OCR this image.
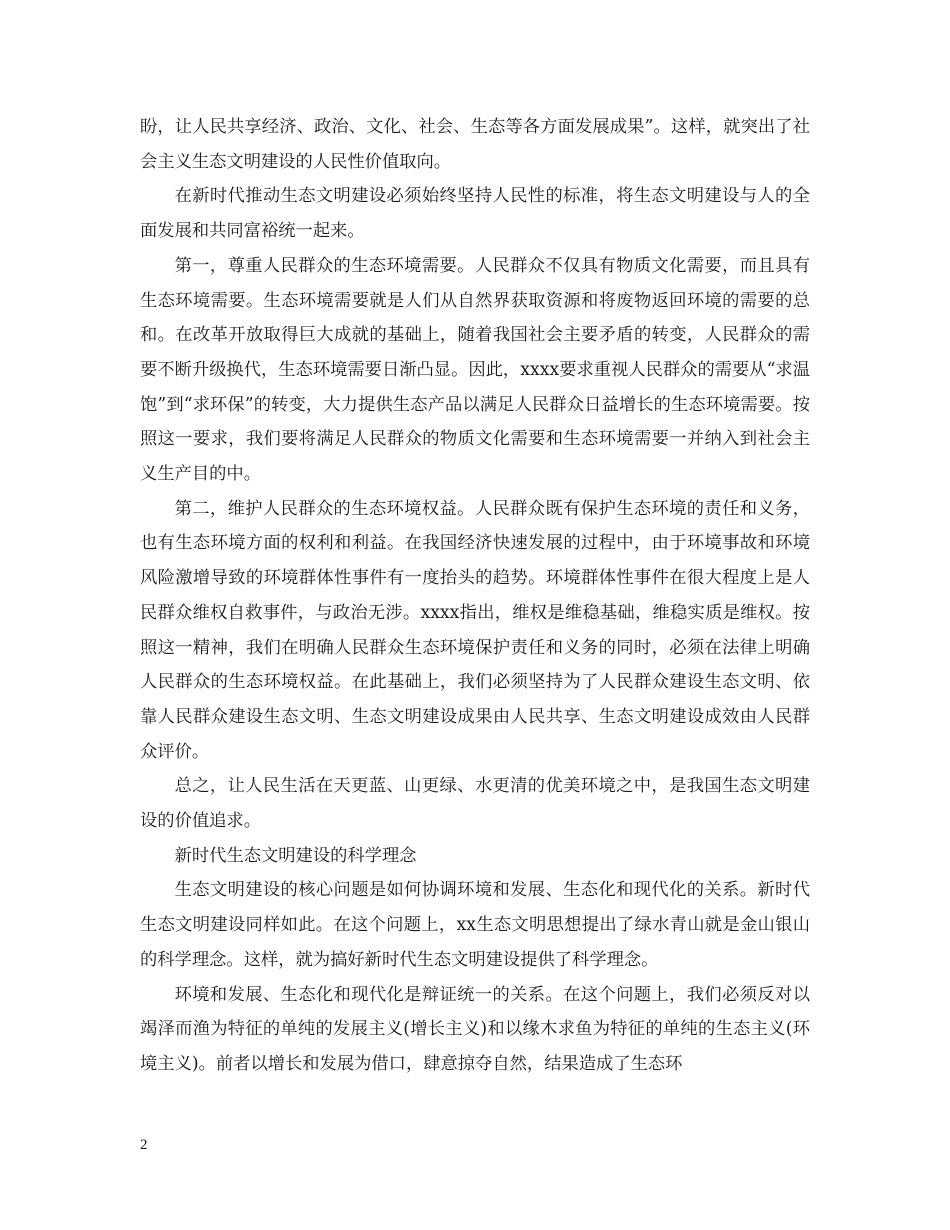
盼，让人民共享经济、政治、文化、社会、生态等各方面发展成果”。这样，就突出了社会主义生态文明建设的人民性价值取向。

在新时代推动生态文明建设必须始终坚持人民性的标准，将生态文明建设与人的全面发展和共同富裕统一起来。

第一，尊重人民群众的生态环境需要。人民群众不仅具有物质文化需要，而且具有生态环境需要。生态环境需要就是人们从自然界获取资源和将废物返回环境的需要的总和。在改革开放取得巨大成就的基础上，随着我国社会主要矛盾的转变，人民群众的需要不断升级换代，生态环境需要日渐凸显。因此，xxxx要求重视人民群众的需要从“求温饱”到“求环保”的转变，大力提供生态产品以满足人民群众日益增长的生态环境需要。按照这一要求，我们要将满足人民群众的物质文化需要和生态环境需要一并纳入到社会主义生产目的中。

第二，维护人民群众的生态环境权益。人民群众既有保护生态环境的责任和义务，也有生态环境方面的权利和利益。在我国经济快速发展的过程中，由于环境事故和环境风险激增导致的环境群体性事件有一度抬头的趋势。环境群体性事件在很大程度上是人民群众维权自救事件，与政治无涉。xxxx指出，维权是维稳基础，维稳实质是维权。按照这一精神，我们在明确人民群众生态环境保护责任和义务的同时，必须在法律上明确人民群众的生态环境权益。在此基础上，我们必须坚持为了人民群众建设生态文明、依靠人民群众建设生态文明、生态文明建设成果由人民共享、生态文明建设成效由人民群众评价。

总之，让人民生活在天更蓝、山更绿、水更清的优美环境之中，是我国生态文明建设的价值追求。

新时代生态文明建设的科学理念

生态文明建设的核心问题是如何协调环境和发展、生态化和现代化的关系。新时代生态文明建设同样如此。在这个问题上，xx生态文明思想提出了绿水青山就是金山银山的科学理念。这样，就为搞好新时代生态文明建设提供了科学理念。

环境和发展、生态化和现代化是辩证统一的关系。在这个问题上，我们必须反对以竭泽而渔为特征的单纯的发展主义(增长主义)和以缘木求鱼为特征的单纯的生态主义(环境主义)。前者以增长和发展为借口，肆意掠夺自然，结果造成了生态环

2
